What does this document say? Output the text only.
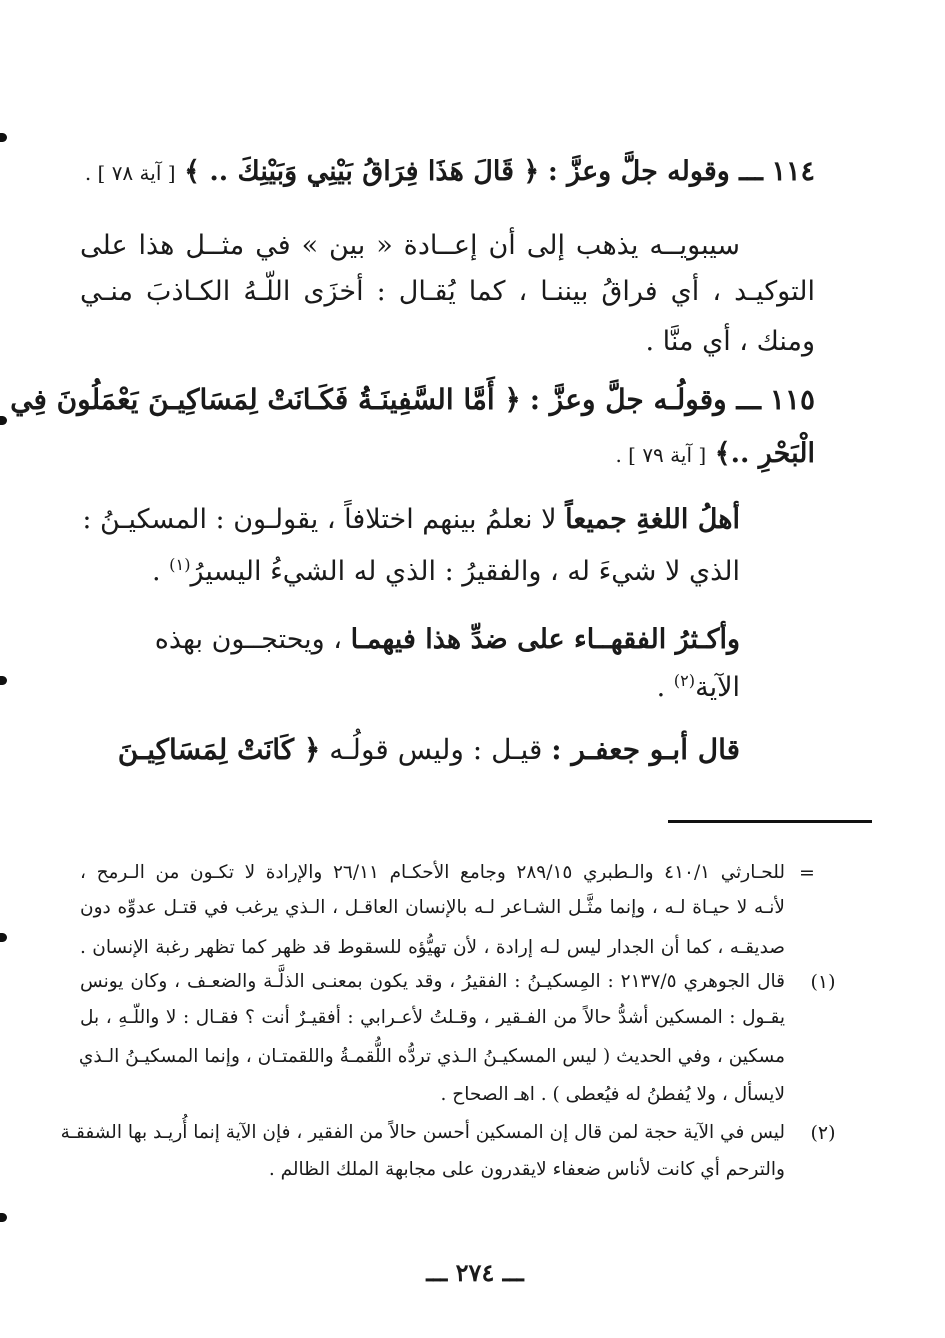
١١٤ ـــ وقوله جلَّ وعزَّ : ﴿ قَالَ هَذَا فِرَاقُ بَيْنِي وَبَيْنِكَ .. ﴾ [ آية ٧٨ ] .
سيبويــه يذهب إلى أن إعــادة « بين » في مثــل هذا على
التوكيـد ، أي فراقُ بيننـا ، كما يُقـال : أخزَى اللّـهُ الكـاذبَ منـي
ومنك ، أي منَّا .
١١٥ ـــ وقولُـه جلَّ وعزَّ : ﴿ أَمَّا السَّفِينَـةُ فَكَـانَتْ لِمَسَاكِيـنَ يَعْمَلُونَ فِي
الْبَحْرِ ..﴾ [ آية ٧٩ ] .
أهلُ اللغةِ جميعاً لا نعلمُ بينهم اختلافاً ، يقولـون : المسكيـنُ :
الذي لا شيءَ له ، والفقيرُ : الذي له الشيءُ اليسيرُ$^{(١)}$ .
وأكـثرُ الفقهــاء على ضدِّ هذا فيهمـا ، ويحتجــون بهذه
الآية$^{(٢)}$ .
قال أبـو جعفـر : قيـل : وليس قولُـه ﴿ كَانَتْ لِمَسَاكِيـنَ
=
للحـارثي ٤١٠/١ والـطبري ٢٨٩/١٥ وجامع الأحكـام ٢٦/١١ والإرادة لا تكـون من الـرمح ،
لأنـه لا حيـاة لـه ، وإنما مثَّـل الشـاعر لـه بالإنسان العاقـل ، الـذي يرغب في قتـل عدوِّه دون
صديقـه ، كما أن الجدار ليس لـه إرادة ، لأن تهيُّؤه للسقوط قد ظهر كما تظهر رغبة الإنسان .
(١)
قال الجوهري ٢١٣٧/٥ : المِسكيـنُ : الفقيرُ ، وقد يكون بمعنـى الذلَّـة والضعـف ، وكان يونس
يقـول : المسكين أشدُّ حالاً من الفـقير ، وقـلتُ لأعـرابي : أفقيـرٌ أنت ؟ فقـال : لا واللّـهِ ، بل
مسكين ، وفي الحديث ( ليس المسكيـنُ الـذي تردُّه اللُّقمـةُ واللقمتـان ، وإنما المسكيـنُ الـذي
لايسأل ، ولا يُفطنُ له فيُعطى ) . اهـ الصحاح .
(٢)
ليس في الآية حجة لمن قال إن المسكين أحسن حالاً من الفقير ، فإن الآية إنما أُريـد بها الشفقـة
والترحم أي كانت لأناس ضعفاء لايقدرون على مجابهة الملك الظالم .
ـــ ٢٧٤ ـــ
